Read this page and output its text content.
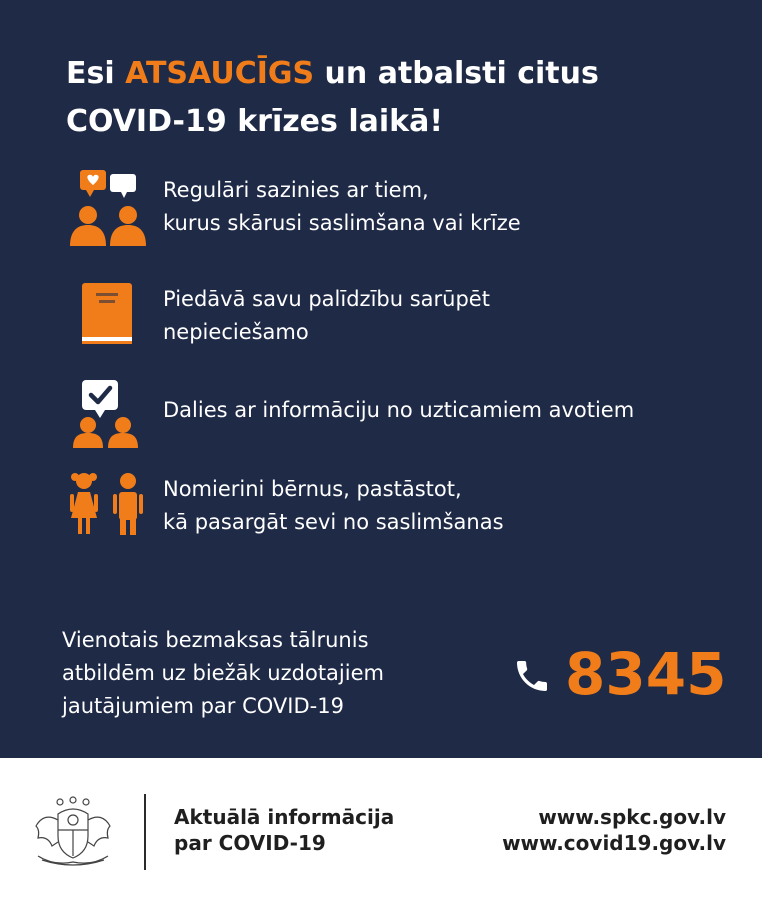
Esi ATSAUCĪGS un atbalsti citus
COVID-19 krīzes laikā!
Regulāri sazinies ar tiem,
kurus skārusi saslimšana vai krīze
Piedāvā savu palīdzību sarūpēt
nepieciešamo
Dalies ar informāciju no uzticamiem avotiem
Nomierini bērnus, pastāstot,
kā pasargāt sevi no saslimšanas
Vienotais bezmaksas tālrunis
atbildēm uz biežāk uzdotajiem
jautājumiem par COVID-19	8345
Aktuālā informācija
par COVID-19
www.spkc.gov.lv
www.covid19.gov.lv
